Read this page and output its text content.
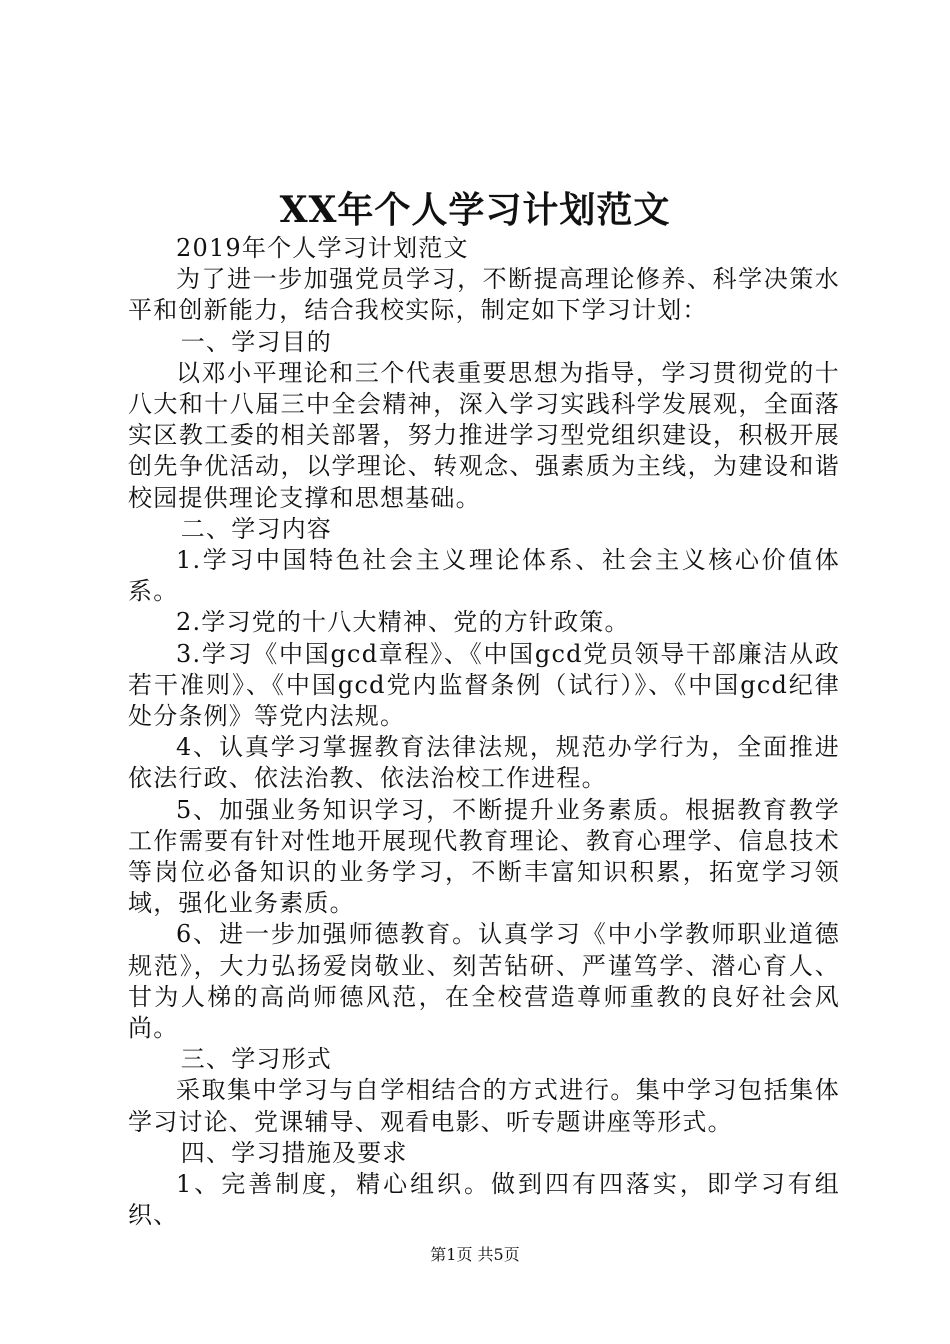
XX年个人学习计划范文

2019年个人学习计划范文

为了进一步加强党员学习，不断提高理论修养、科学决策水平和创新能力，结合我校实际，制定如下学习计划：

一、学习目的

以邓小平理论和三个代表重要思想为指导，学习贯彻党的十八大和十八届三中全会精神，深入学习实践科学发展观，全面落实区教工委的相关部署，努力推进学习型党组织建设，积极开展创先争优活动，以学理论、转观念、强素质为主线，为建设和谐校园提供理论支撑和思想基础。

二、学习内容

1.学习中国特色社会主义理论体系、社会主义核心价值体系。

2.学习党的十八大精神、党的方针政策。

3.学习《中国gcd章程》、《中国gcd党员领导干部廉洁从政若干准则》、《中国gcd党内监督条例（试行）》、《中国gcd纪律处分条例》等党内法规。

4、认真学习掌握教育法律法规，规范办学行为，全面推进依法行政、依法治教、依法治校工作进程。

5、加强业务知识学习，不断提升业务素质。根据教育教学工作需要有针对性地开展现代教育理论、教育心理学、信息技术等岗位必备知识的业务学习，不断丰富知识积累，拓宽学习领域，强化业务素质。

6、进一步加强师德教育。认真学习《中小学教师职业道德规范》，大力弘扬爱岗敬业、刻苦钻研、严谨笃学、潜心育人、甘为人梯的高尚师德风范，在全校营造尊师重教的良好社会风尚。

三、学习形式

采取集中学习与自学相结合的方式进行。集中学习包括集体学习讨论、党课辅导、观看电影、听专题讲座等形式。

四、学习措施及要求

1、完善制度，精心组织。做到四有四落实，即学习有组织、

第1页 共5页
